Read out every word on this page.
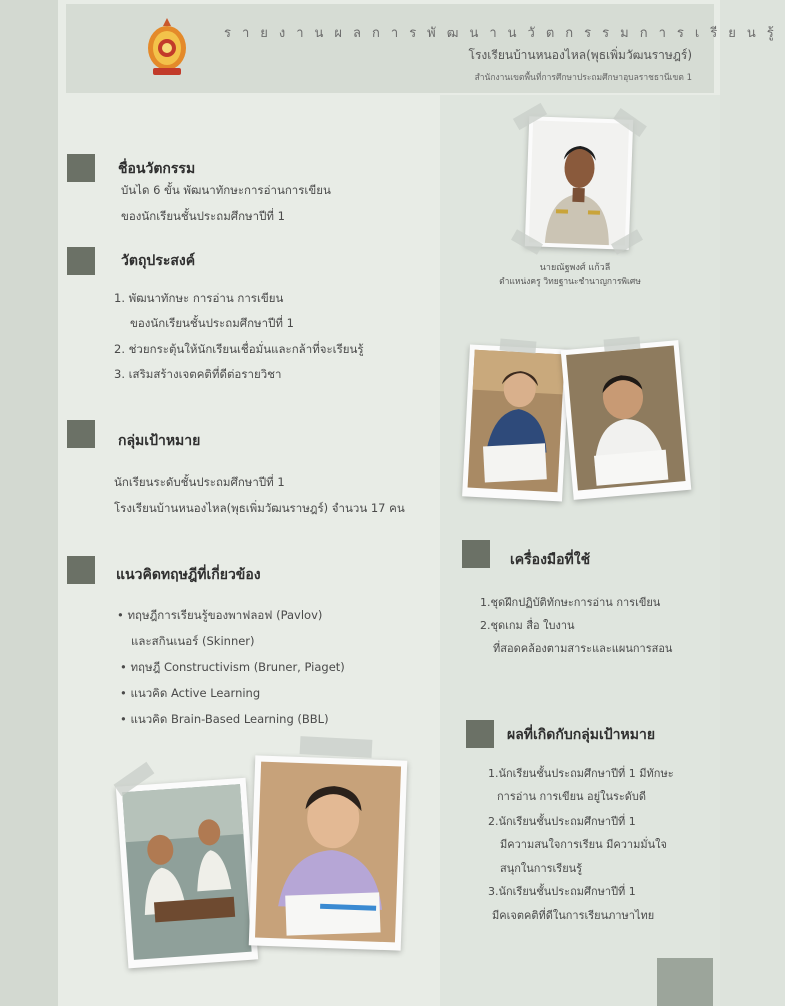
รายงานผลการพัฒนานวัตกรรมการเรียนรู้
โรงเรียนบ้านหนองไหล(พุธเพิ่มวัฒนราษฎร์)
สำนักงานเขตพื้นที่การศึกษาประถมศึกษาอุบลราชธานีเขต 1
ชื่อนวัตกรรม
บันได 6 ขั้น พัฒนาทักษะการอ่านการเขียน
ของนักเรียนชั้นประถมศึกษาปีที่ 1
วัตถุประสงค์
1. พัฒนาทักษะ การอ่าน การเขียน
ของนักเรียนชั้นประถมศึกษาปีที่ 1
2. ช่วยกระตุ้นให้นักเรียนเชื่อมั่นและกล้าที่จะเรียนรู้
3. เสริมสร้างเจตคติที่ดีต่อรายวิชา
กลุ่มเป้าหมาย
นักเรียนระดับชั้นประถมศึกษาปีที่ 1
โรงเรียนบ้านหนองไหล(พุธเพิ่มวัฒนราษฎร์) จำนวน 17 คน
แนวคิดทฤษฎีที่เกี่ยวข้อง
• ทฤษฎีการเรียนรู้ของพาฟลอฟ (Pavlov)
และสกินเนอร์ (Skinner)
• ทฤษฎี Constructivism (Bruner, Piaget)
• แนวคิด Active Learning
• แนวคิด Brain-Based Learning (BBL)
นายณัฐพงศ์ แก้วลี
ตำแหน่งครู วิทยฐานะชำนาญการพิเศษ
เครื่องมือที่ใช้
1.ชุดฝึกปฏิบัติทักษะการอ่าน การเขียน
2.ชุดเกม สื่อ ใบงาน
ที่สอดคล้องตามสาระและแผนการสอน
ผลที่เกิดกับกลุ่มเป้าหมาย
1.นักเรียนชั้นประถมศึกษาปีที่ 1 มีทักษะ
การอ่าน การเขียน อยู่ในระดับดี
2.นักเรียนชั้นประถมศึกษาปีที่ 1
มีความสนใจการเรียน มีความมั่นใจ
สนุกในการเรียนรู้
3.นักเรียนชั้นประถมศึกษาปีที่ 1
มีคเจตคติที่ดีในการเรียนภาษาไทย
